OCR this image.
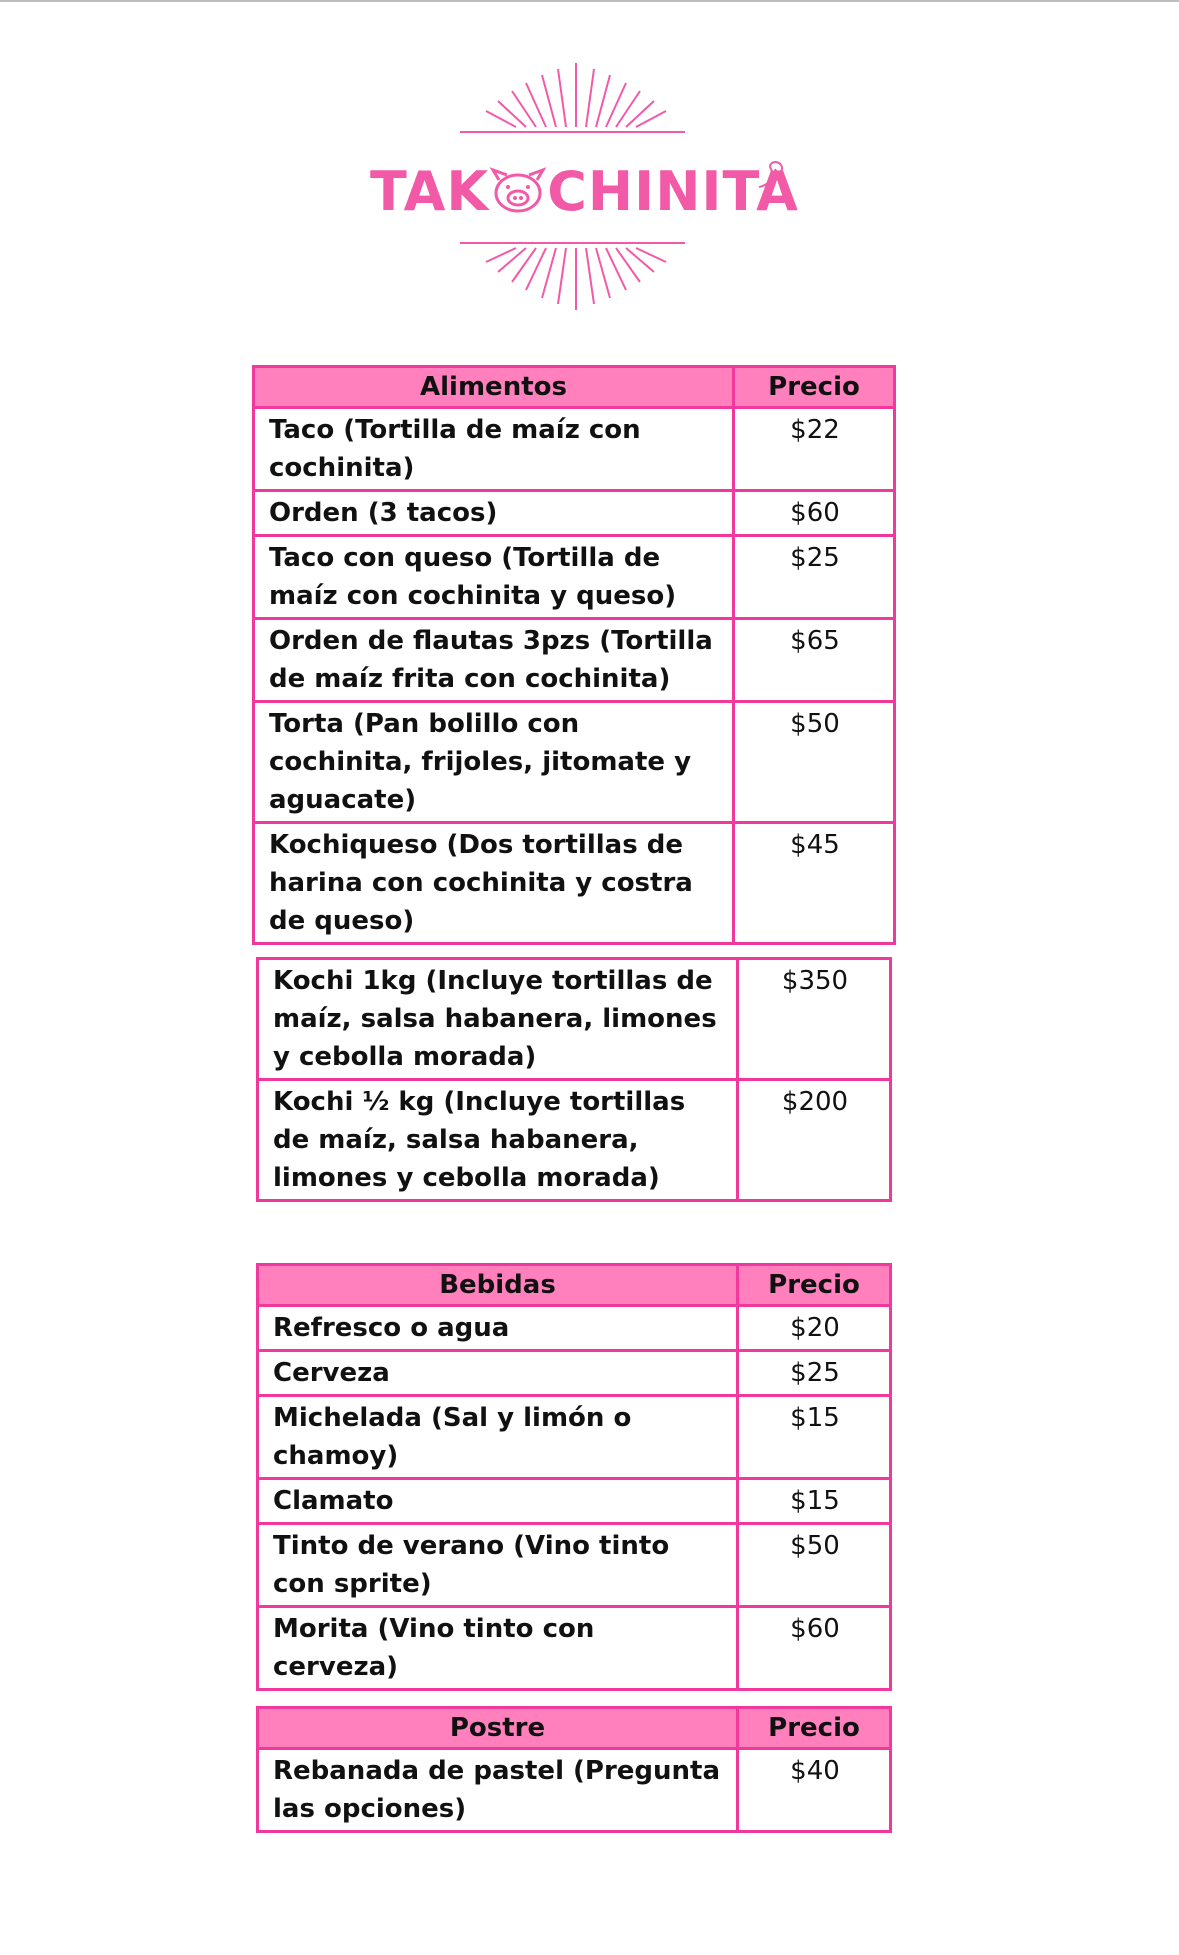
TAK CHINITA
Alimentos	Precio
Taco (Tortilla de maíz con cochinita)	$22
Orden (3 tacos)	$60
Taco con queso (Tortilla de maíz con cochinita y queso)	$25
Orden de flautas 3pzs (Tortilla de maíz frita con cochinita)	$65
Torta (Pan bolillo con cochinita, frijoles, jitomate y aguacate)	$50
Kochiqueso (Dos tortillas de harina con cochinita y costra de queso)	$45
Kochi 1kg (Incluye tortillas de maíz, salsa habanera, limones y cebolla morada)	$350
Kochi ½ kg (Incluye tortillas de maíz, salsa habanera, limones y cebolla morada)	$200
Bebidas	Precio
Refresco o agua	$20
Cerveza	$25
Michelada (Sal y limón o chamoy)	$15
Clamato	$15
Tinto de verano (Vino tinto con sprite)	$50
Morita (Vino tinto con cerveza)	$60
Postre	Precio
Rebanada de pastel (Pregunta las opciones)	$40
